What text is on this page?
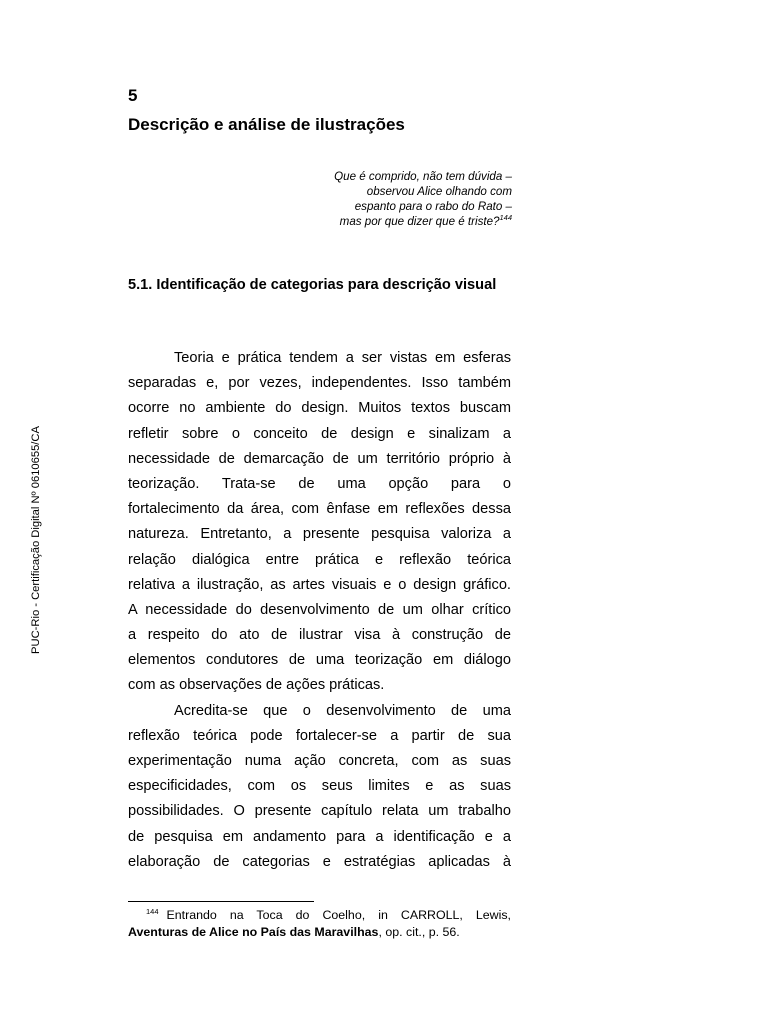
5
Descrição e análise de ilustrações
Que é comprido, não tem dúvida –
observou Alice olhando com
espanto para o rabo do Rato –
mas por que dizer que é triste?$^{144}$
5.1. Identificação de categorias para descrição visual
Teoria e prática tendem a ser vistas em esferas
separadas e, por vezes, independentes. Isso também
ocorre no ambiente do design. Muitos textos buscam
refletir sobre o conceito de design e sinalizam a
necessidade de demarcação de um território próprio à
teorização. Trata-se de uma opção para o
fortalecimento da área, com ênfase em reflexões dessa
natureza. Entretanto, a presente pesquisa valoriza a
relação dialógica entre prática e reflexão teórica
relativa a ilustração, as artes visuais e o design gráfico.
A necessidade do desenvolvimento de um olhar crítico
a respeito do ato de ilustrar visa à construção de
elementos condutores de uma teorização em diálogo
com as observações de ações práticas.
Acredita-se que o desenvolvimento de uma
reflexão teórica pode fortalecer-se a partir de sua
experimentação numa ação concreta, com as suas
especificidades, com os seus limites e as suas
possibilidades. O presente capítulo relata um trabalho
de pesquisa em andamento para a identificação e a
elaboração de categorias e estratégias aplicadas à
PUC-Rio - Certificação Digital Nº 0610655/CA
$^{144}$ Entrando na Toca do Coelho, in CARROLL, Lewis,
Aventuras de Alice no País das Maravilhas, op. cit., p. 56.
